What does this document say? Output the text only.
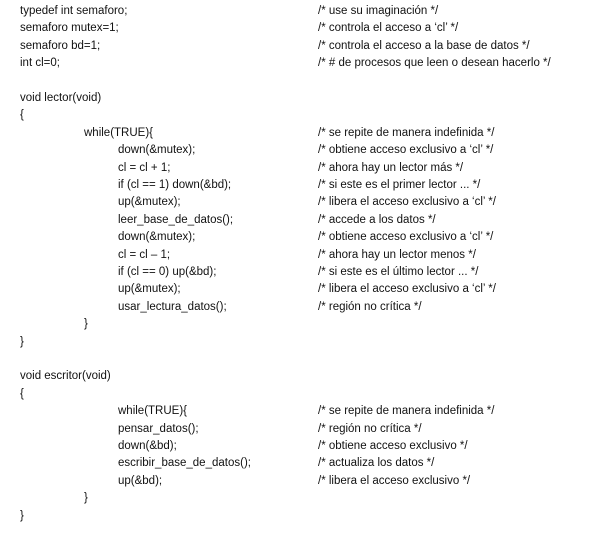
typedef int semaforo;	/* use su imaginación */
semaforo mutex=1;	/* controla el acceso a ‘cl’ */
semaforo bd=1;	/* controla el acceso a la base de datos */
int cl=0;	/* # de procesos que leen o desean hacerlo */
void lector(void)
{
while(TRUE){	/* se repite de manera indefinida */
down(&mutex);	/* obtiene acceso exclusivo a ‘cl’ */
cl = cl + 1;	/* ahora hay un lector más */
if (cl == 1) down(&bd);	/* si este es el primer lector ... */
up(&mutex);	/* libera el acceso exclusivo a ‘cl’ */
leer_base_de_datos();	/* accede a los datos */
down(&mutex);	/* obtiene acceso exclusivo a ‘cl’ */
cl = cl – 1;	/* ahora hay un lector menos */
if (cl == 0) up(&bd);	/* si este es el último lector ... */
up(&mutex);	/* libera el acceso exclusivo a ‘cl’ */
usar_lectura_datos();	/* región no crítica */
}
}
void escritor(void)
{
while(TRUE){	/* se repite de manera indefinida */
pensar_datos();	/* región no crítica */
down(&bd);	/* obtiene acceso exclusivo */
escribir_base_de_datos();	/* actualiza los datos */
up(&bd);	/* libera el acceso exclusivo */
}
}
